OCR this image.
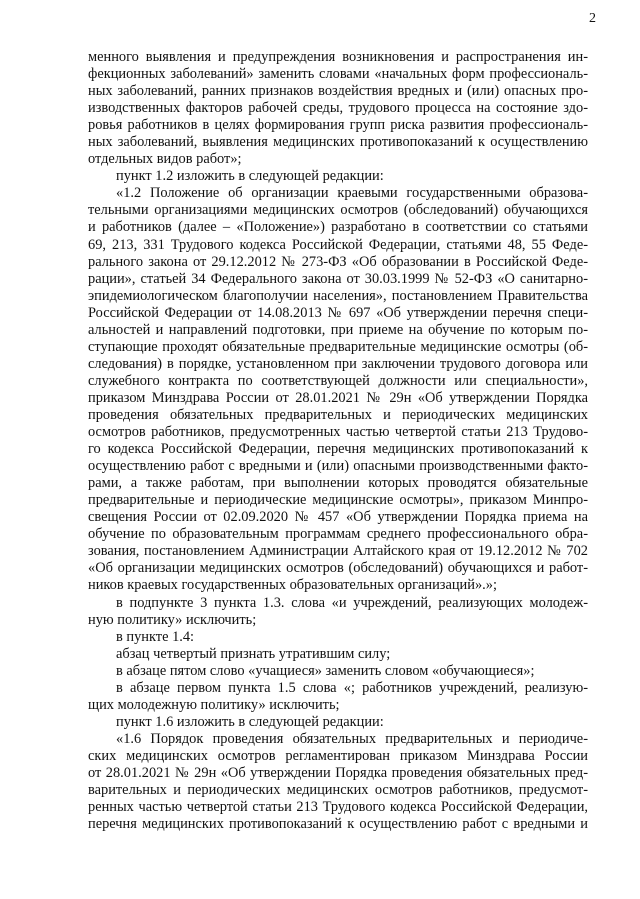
2
менного выявления и предупреждения возникновения и распространения ин-
фекционных заболеваний» заменить словами «начальных форм профессиональ-
ных заболеваний, ранних признаков воздействия вредных и (или) опасных про-
изводственных факторов рабочей среды, трудового процесса на состояние здо-
ровья работников в целях формирования групп риска развития профессиональ-
ных заболеваний, выявления медицинских противопоказаний к осуществлению
отдельных видов работ»;
пункт 1.2 изложить в следующей редакции:
«1.2 Положение об организации краевыми государственными образова-
тельными организациями медицинских осмотров (обследований) обучающихся
и работников (далее – «Положение») разработано в соответствии со статьями
69, 213, 331 Трудового кодекса Российской Федерации, статьями 48, 55 Феде-
рального закона от 29.12.2012 № 273-ФЗ «Об образовании в Российской Феде-
рации», статьей 34 Федерального закона от 30.03.1999 № 52-ФЗ «О санитарно-
эпидемиологическом благополучии населения», постановлением Правительства
Российской Федерации от 14.08.2013 № 697 «Об утверждении перечня специ-
альностей и направлений подготовки, при приеме на обучение по которым по-
ступающие проходят обязательные предварительные медицинские осмотры (об-
следования) в порядке, установленном при заключении трудового договора или
служебного контракта по соответствующей должности или специальности»,
приказом Минздрава России от 28.01.2021 № 29н «Об утверждении Порядка
проведения обязательных предварительных и периодических медицинских
осмотров работников, предусмотренных частью четвертой статьи 213 Трудово-
го кодекса Российской Федерации, перечня медицинских противопоказаний к
осуществлению работ с вредными и (или) опасными производственными факто-
рами, а также работам, при выполнении которых проводятся обязательные
предварительные и периодические медицинские осмотры», приказом Минпро-
свещения России от 02.09.2020 № 457 «Об утверждении Порядка приема на
обучение по образовательным программам среднего профессионального обра-
зования, постановлением Администрации Алтайского края от 19.12.2012 № 702
«Об организации медицинских осмотров (обследований) обучающихся и работ-
ников краевых государственных образовательных организаций».»;
в подпункте 3 пункта 1.3. слова «и учреждений, реализующих молодеж-
ную политику» исключить;
в пункте 1.4:
абзац четвертый признать утратившим силу;
в абзаце пятом слово «учащиеся» заменить словом «обучающиеся»;
в абзаце первом пункта 1.5 слова «; работников учреждений, реализую-
щих молодежную политику» исключить;
пункт 1.6 изложить в следующей редакции:
«1.6 Порядок проведения обязательных предварительных и периодиче-
ских медицинских осмотров регламентирован приказом Минздрава России
от 28.01.2021 № 29н «Об утверждении Порядка проведения обязательных пред-
варительных и периодических медицинских осмотров работников, предусмот-
ренных частью четвертой статьи 213 Трудового кодекса Российской Федерации,
перечня медицинских противопоказаний к осуществлению работ с вредными и
